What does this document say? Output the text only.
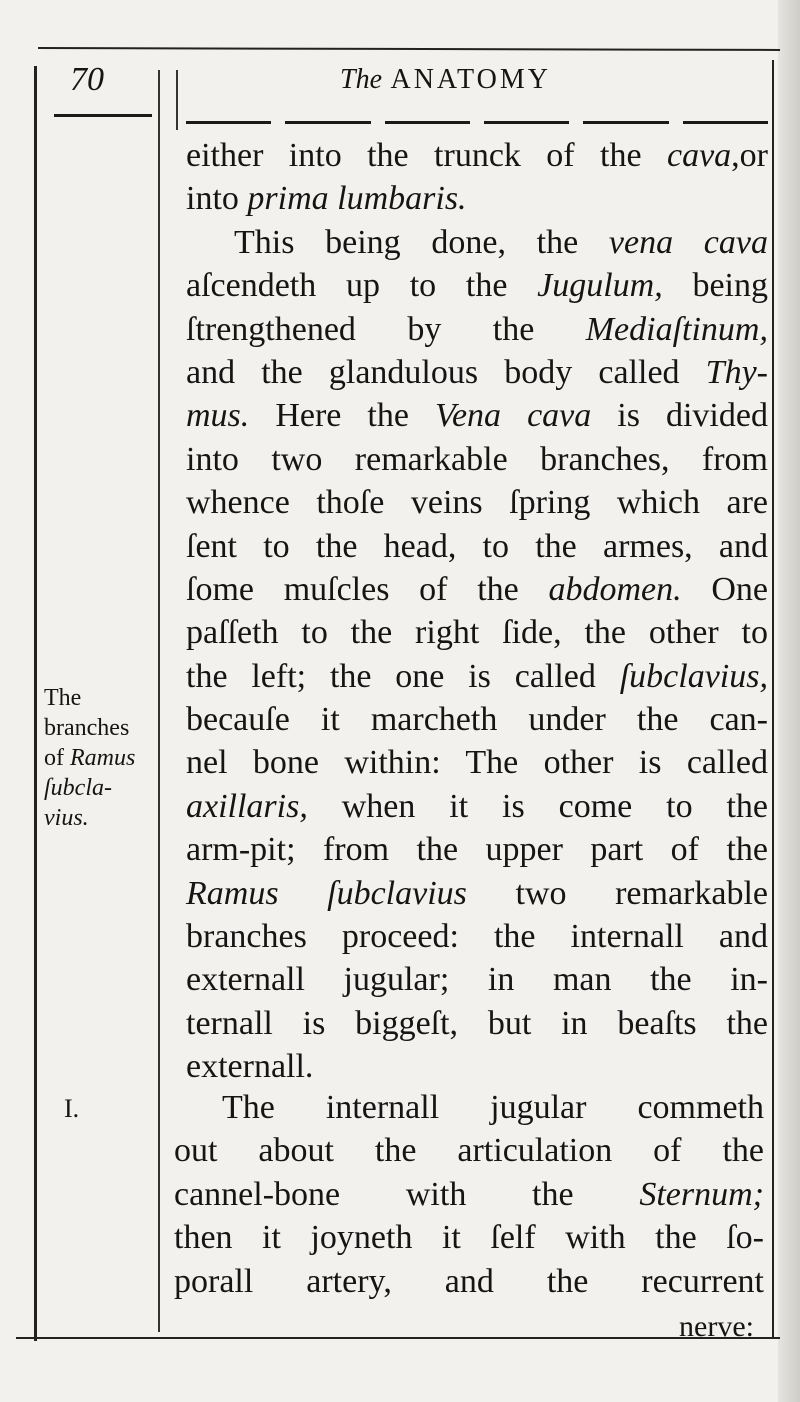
70	The ANATOMY
either into the trunck of the cava,or
into prima lumbaris.
This being done, the vena cava
aſcendeth up to the Jugulum, being
ſtrengthened by the Mediaſtinum,
and the glandulous body called Thy-
mus. Here the Vena cava is divided
into two remarkable branches, from
whence thoſe veins ſpring which are
ſent to the head, to the armes, and
ſome muſcles of the abdomen. One
paſſeth to the right ſide, the other to
the left; the one is called ſubclavius,
becauſe it marcheth under the can-
nel bone within: The other is called
axillaris, when it is come to the
arm-pit; from the upper part of the
Ramus ſubclavius two remarkable
branches proceed: the internall and
externall jugular; in man the in-
ternall is biggeſt, but in beaſts the
externall.
The internall jugular commeth
out about the articulation of the
cannel-bone with the Sternum;
then it joyneth it ſelf with the ſo-
porall artery, and the recurrent
The
branches
of Ramus
ſubcla-
vius.
I.
nerve:
